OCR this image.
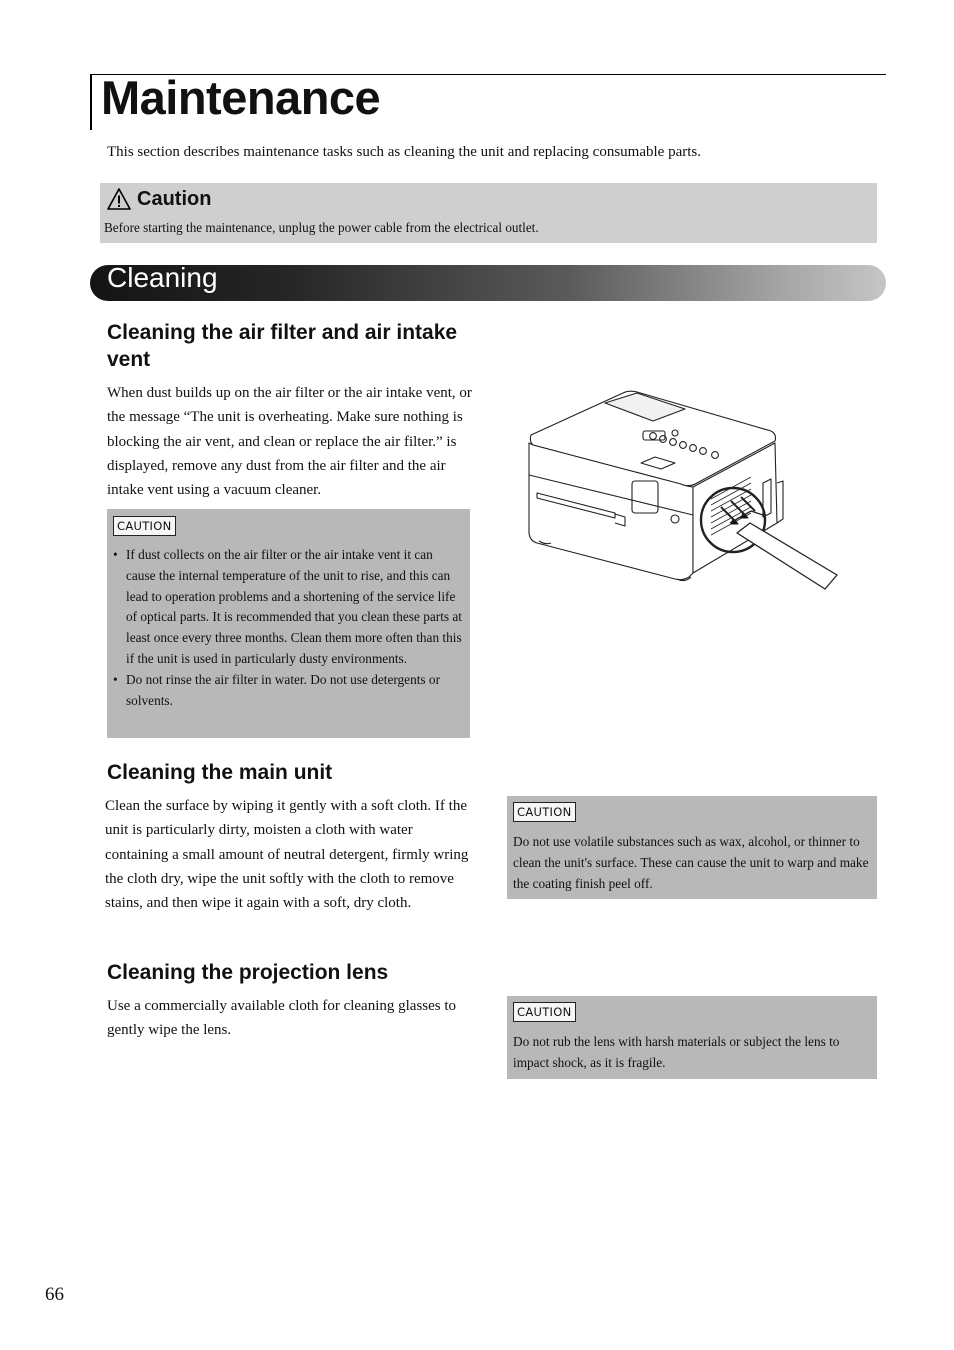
Maintenance
This section describes maintenance tasks such as cleaning the unit and replacing consumable parts.
Caution
Before starting the maintenance, unplug the power cable from the electrical outlet.
Cleaning
Cleaning the air filter and air intake vent

When dust builds up on the air filter or the air intake vent, or the message “The unit is overheating. Make sure nothing is blocking the air vent, and clean or replace the air filter.” is displayed, remove any dust from the air filter and the air intake vent using a vacuum cleaner.

CAUTION
• If dust collects on the air filter or the air intake vent it can cause the internal temperature of the unit to rise, and this can lead to operation problems and a shortening of the service life of optical parts. It is recommended that you clean these parts at least once every three months. Clean them more often than this if the unit is used in particularly dusty environments.
• Do not rinse the air filter in water. Do not use detergents or solvents.
Cleaning the main unit

Clean the surface by wiping it gently with a soft cloth. If the unit is particularly dirty, moisten a cloth with water containing a small amount of neutral detergent, firmly wring the cloth dry, wipe the unit softly with the cloth to remove stains, and then wipe it again with a soft, dry cloth.

CAUTION

Do not use volatile substances such as wax, alcohol, or thinner to clean the unit's surface. These can cause the unit to warp and make the coating finish peel off.

Cleaning the projection lens

Use a commercially available cloth for cleaning glasses to gently wipe the lens.

CAUTION

Do not rub the lens with harsh materials or subject the lens to impact shock, as it is fragile.

66
